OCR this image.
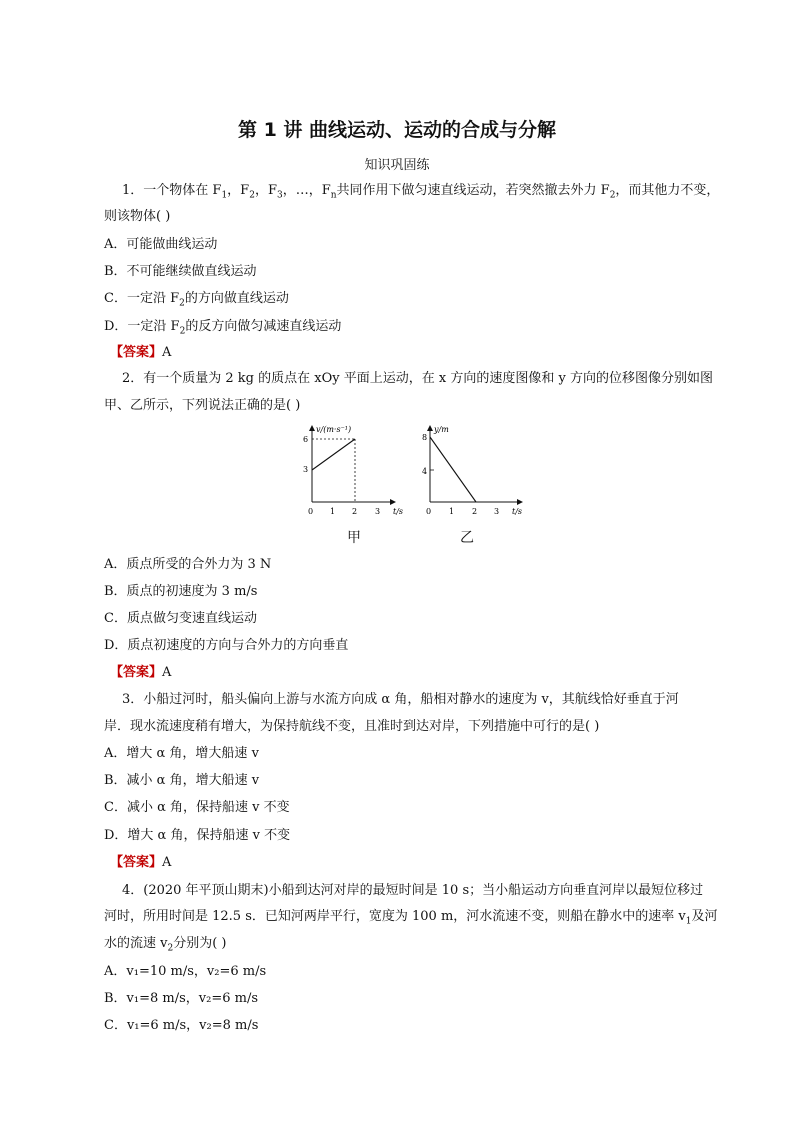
第 1 讲 曲线运动、运动的合成与分解
知识巩固练
1．一个物体在 $F_1$，$F_2$，$F_3$，…，$F_n$共同作用下做匀速直线运动，若突然撤去外力 $F_2$，而其他力不变，
则该物体( )
A．可能做曲线运动
B．不可能继续做直线运动
C．一定沿 $F_2$的方向做直线运动
D．一定沿 $F_2$的反方向做匀减速直线运动
【答案】A
2．有一个质量为 2 kg 的质点在 xOy 平面上运动，在 x 方向的速度图像和 y 方向的位移图像分别如图
甲、乙所示，下列说法正确的是( )
v/(m·s⁻¹)
t/s
6
3
0 1 2 3
y/m
t/s
8
4
0 1 2 3
甲	乙
A．质点所受的合外力为 3 N
B．质点的初速度为 3 m/s
C．质点做匀变速直线运动
D．质点初速度的方向与合外力的方向垂直
【答案】A
3．小船过河时，船头偏向上游与水流方向成 α 角，船相对静水的速度为 v，其航线恰好垂直于河
岸．现水流速度稍有增大，为保持航线不变，且准时到达对岸，下列措施中可行的是( )
A．增大 α 角，增大船速 v
B．减小 α 角，增大船速 v
C．减小 α 角，保持船速 v 不变
D．增大 α 角，保持船速 v 不变
【答案】A
4．(2020 年平顶山期末)小船到达河对岸的最短时间是 10 s；当小船运动方向垂直河岸以最短位移过
河时，所用时间是 12.5 s．已知河两岸平行，宽度为 100 m，河水流速不变，则船在静水中的速率 $v_1$及河
水的流速 $v_2$分别为( )
A．v₁=10 m/s，v₂=6 m/s
B．v₁=8 m/s，v₂=6 m/s
C．v₁=6 m/s，v₂=8 m/s
